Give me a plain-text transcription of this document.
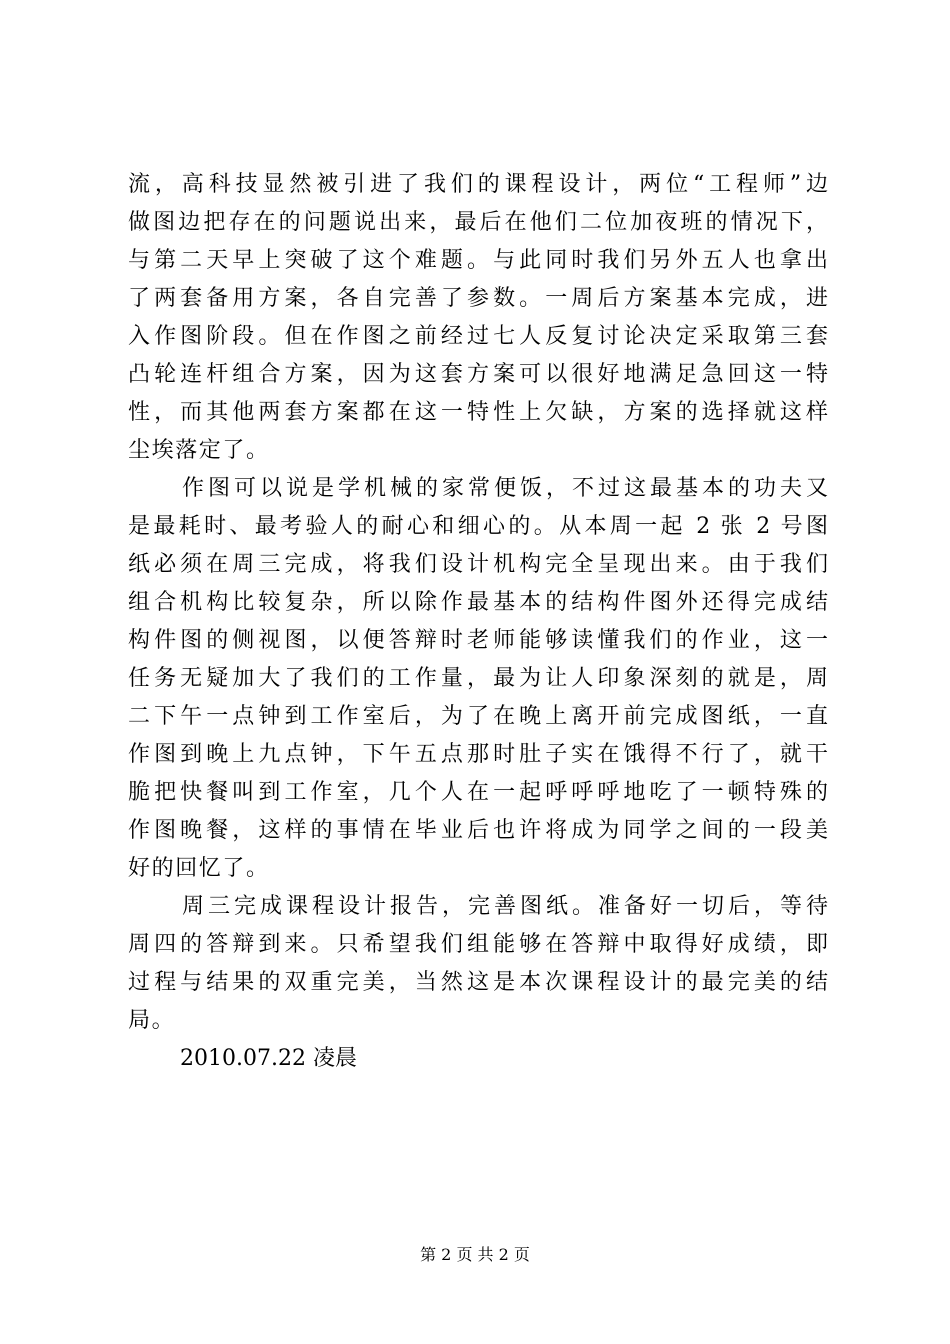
流，高科技显然被引进了我们的课程设计，两位“工程师”边
做图边把存在的问题说出来，最后在他们二位加夜班的情况下，
与第二天早上突破了这个难题。与此同时我们另外五人也拿出
了两套备用方案，各自完善了参数。一周后方案基本完成，进
入作图阶段。但在作图之前经过七人反复讨论决定采取第三套
凸轮连杆组合方案，因为这套方案可以很好地满足急回这一特
性，而其他两套方案都在这一特性上欠缺，方案的选择就这样
尘埃落定了。
作图可以说是学机械的家常便饭，不过这最基本的功夫又
是最耗时、最考验人的耐心和细心的。从本周一起 2 张 2 号图
纸必须在周三完成，将我们设计机构完全呈现出来。由于我们
组合机构比较复杂，所以除作最基本的结构件图外还得完成结
构件图的侧视图，以便答辩时老师能够读懂我们的作业，这一
任务无疑加大了我们的工作量，最为让人印象深刻的就是，周
二下午一点钟到工作室后，为了在晚上离开前完成图纸，一直
作图到晚上九点钟，下午五点那时肚子实在饿得不行了，就干
脆把快餐叫到工作室，几个人在一起呼呼呼地吃了一顿特殊的
作图晚餐，这样的事情在毕业后也许将成为同学之间的一段美
好的回忆了。
周三完成课程设计报告，完善图纸。准备好一切后，等待
周四的答辩到来。只希望我们组能够在答辩中取得好成绩，即
过程与结果的双重完美，当然这是本次课程设计的最完美的结
局。
2010.07.22 凌晨
第 2 页 共 2 页
